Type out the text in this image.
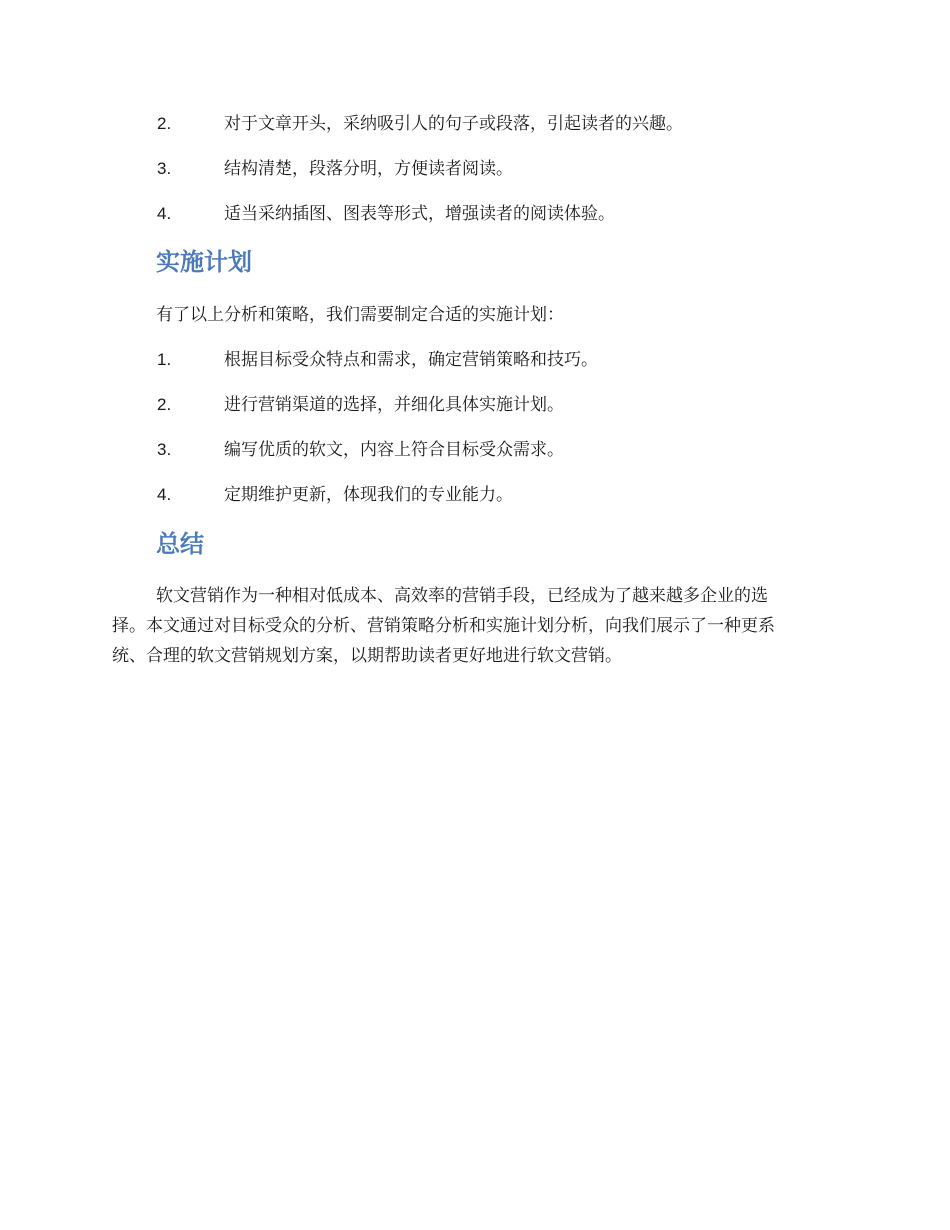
2.	对于文章开头，采纳吸引人的句子或段落，引起读者的兴趣。
3.	结构清楚，段落分明，方便读者阅读。
4.	适当采纳插图、图表等形式，增强读者的阅读体验。
实施计划

有了以上分析和策略，我们需要制定合适的实施计划：

1.	根据目标受众特点和需求，确定营销策略和技巧。
2.	进行营销渠道的选择，并细化具体实施计划。
3.	编写优质的软文，内容上符合目标受众需求。
4.	定期维护更新，体现我们的专业能力。
总结

软文营销作为一种相对低成本、高效率的营销手段，已经成为了越来越多企业的选
择。本文通过对目标受众的分析、营销策略分析和实施计划分析，向我们展示了一种更系
统、合理的软文营销规划方案，以期帮助读者更好地进行软文营销。
